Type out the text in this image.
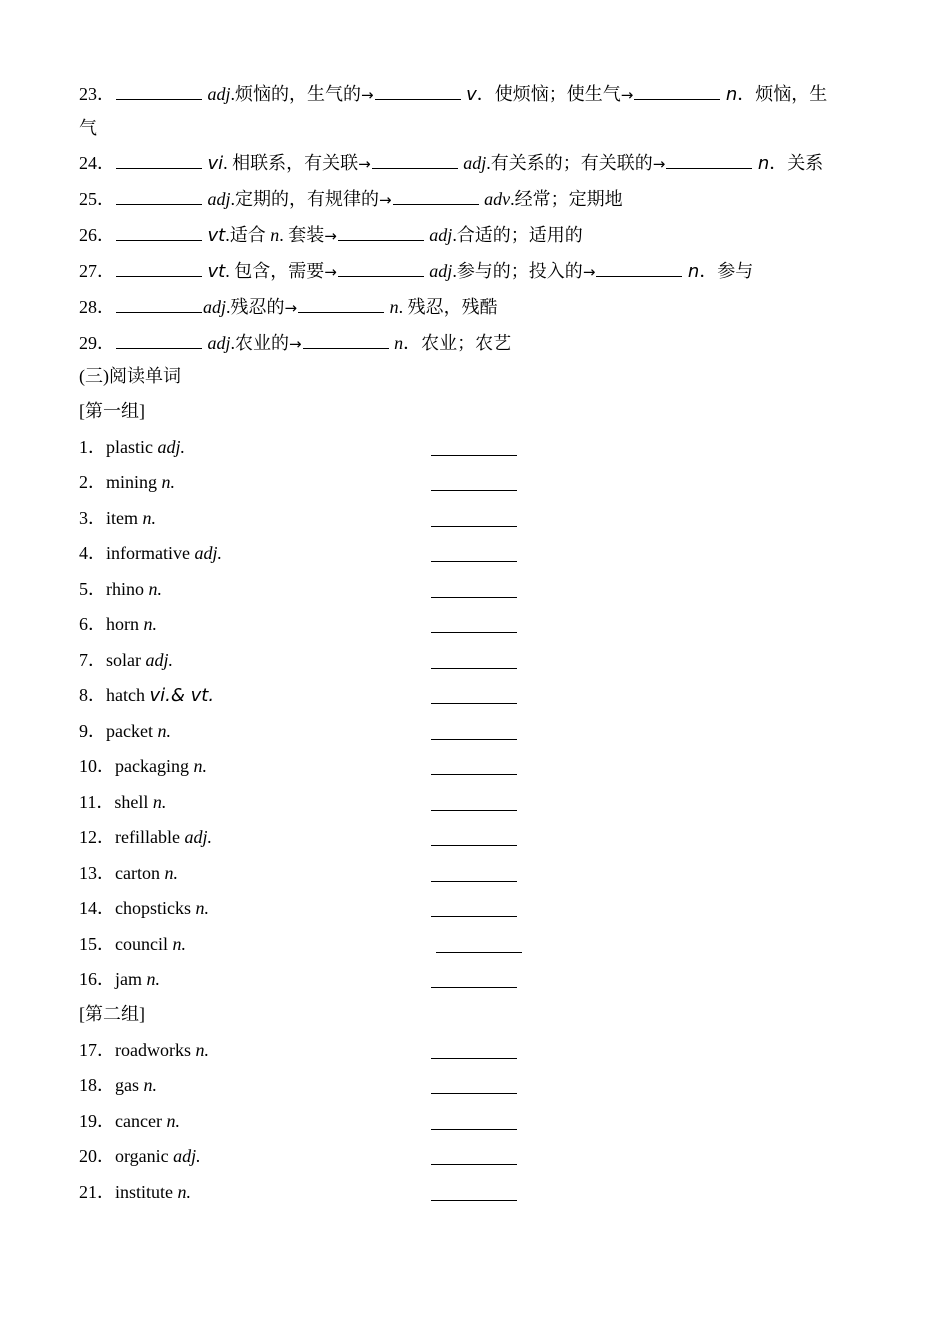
23．	adj.烦恼的，生气的→	v．使烦恼；使生气→	n．烦恼，生
气
24．	vi. 相联系，有关联→	adj.有关系的；有关联的→	n．关系
25．	adj.定期的，有规律的→	adv.经常；定期地
26．	vt.适合 n. 套装→	adj.合适的；适用的
27．	vt. 包含，需要→	adj.参与的；投入的→	n．参与
28．	adj.残忍的→	n. 残忍，残酷
29．	adj.农业的→	n．农业；农艺
(三)阅读单词
[第一组]
1．plastic adj.
2．mining n.
3．item n.
4．informative adj.
5．rhino n.
6．horn n.
7．solar adj.
8．hatch vi.& vt.
9．packet n.
10．packaging n.
11．shell n.
12．refillable adj.
13．carton n.
14．chopsticks n.
15．council n.
16．jam n.
[第二组]
17．roadworks n.
18．gas n.
19．cancer n.
20．organic adj.
21．institute n.
